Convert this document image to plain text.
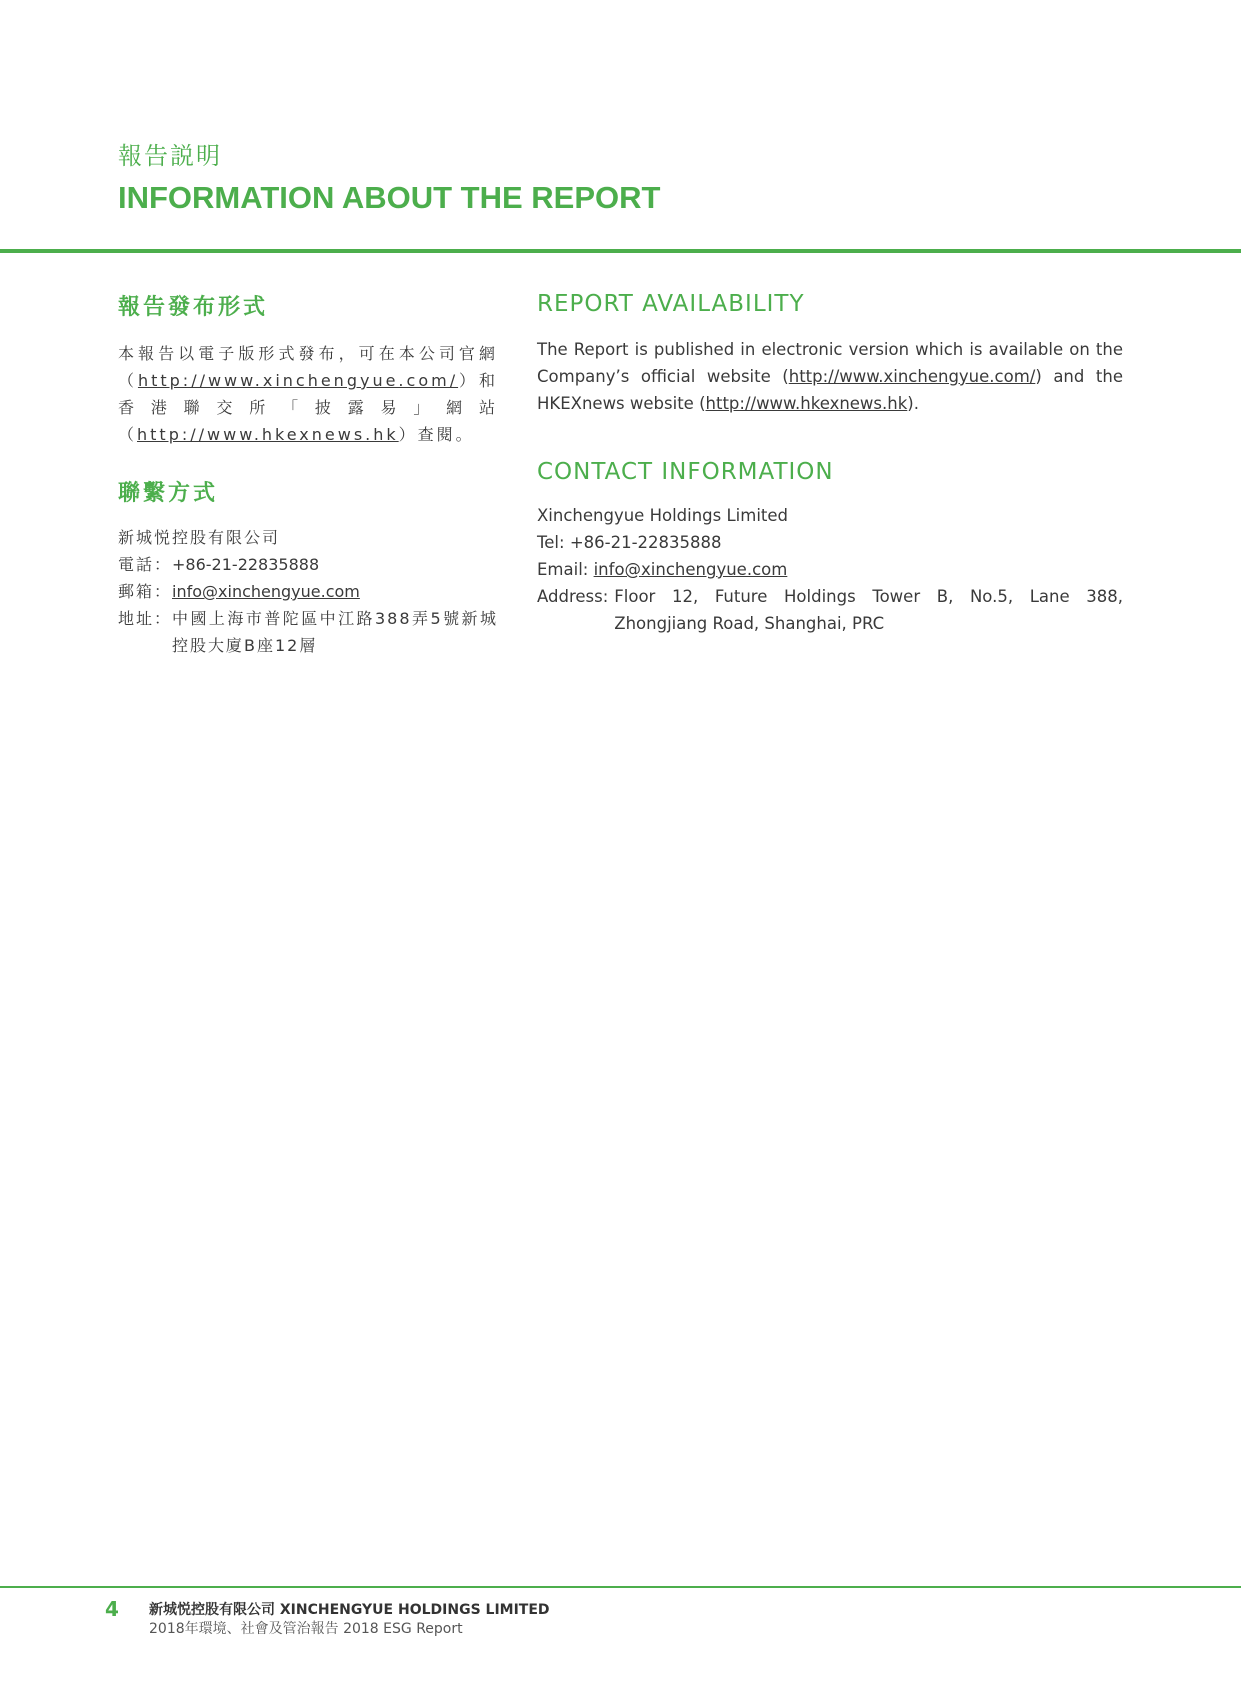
報告説明
INFORMATION ABOUT THE REPORT
報告發布形式

本報告以電子版形式發布，可在本公司官網（http://www.xinchengyue.com/）和香港聯交所「披露易」網站（http://www.hkexnews.hk）查閱。

聯繫方式
新城悦控股有限公司
電話：+86-21-22835888
郵箱：info@xinchengyue.com
地址： 中國上海市普陀區中江路388弄5號新城控股大廈B座12層
REPORT AVAILABILITY

The Report is published in electronic version which is available on the Company’s official website (http://www.xinchengyue.com/) and the HKEXnews website (http://www.hkexnews.hk).

CONTACT INFORMATION
Xinchengyue Holdings Limited
Tel: +86-21-22835888
Email: info@xinchengyue.com
Address: Floor 12, Future Holdings Tower B, No.5, Lane 388, Zhongjiang Road, Shanghai, PRC
4 新城悦控股有限公司 XINCHENGYUE HOLDINGS LIMITED
2018年環境、社會及管治報告 2018 ESG Report
